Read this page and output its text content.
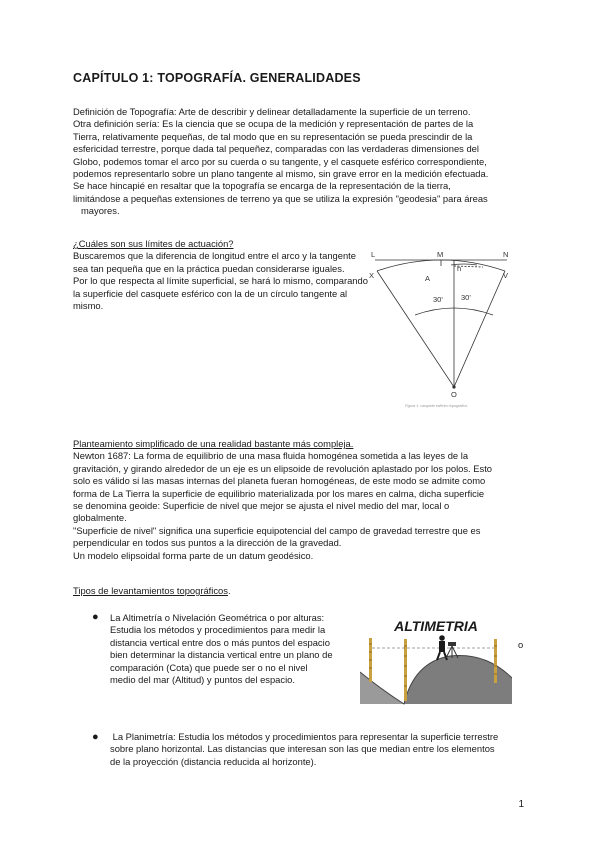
CAPÍTULO 1: TOPOGRAFÍA. GENERALIDADES
Definición de Topografía: Arte de describir y delinear detalladamente la superficie de un terreno.
Otra definición sería: Es la ciencia que se ocupa de la medición y representación de partes de la
Tierra, relativamente pequeñas, de tal modo que en su representación se pueda prescindir de la
esfericidad terrestre, porque dada tal pequeñez, comparadas con las verdaderas dimensiones del
Globo, podemos tomar el arco por su cuerda o su tangente, y el casquete esférico correspondiente,
podemos representarlo sobre un plano tangente al mismo, sin grave error en la medición efectuada.
Se hace hincapié en resaltar que la topografía se encarga de la representación de la tierra,
limitándose a pequeñas extensiones de terreno ya que se utiliza la expresión "geodesia" para áreas
mayores.
¿Cuáles son sus límites de actuación?
Buscaremos que la diferencia de longitud entre el arco y la tangente
sea tan pequeña que en la práctica puedan considerarse iguales.
Por lo que respecta al límite superficial, se hará lo mismo, comparando
la superficie del casquete esférico con la de un círculo tangente al
mismo.
L	M	N
X	A
h
V
30' 30'
O
Figura 1: casquete esférico topográfico.
Planteamiento simplificado de una realidad bastante más compleja.
Newton 1687: La forma de equilibrio de una masa fluida homogénea sometida a las leyes de la
gravitación, y girando alrededor de un eje es un elipsoide de revolución aplastado por los polos. Esto
solo es válido si las masas internas del planeta fueran homogéneas, de este modo se admite como
forma de La Tierra la superficie de equilibrio materializada por los mares en calma, dicha superficie
se denomina geoide: Superficie de nivel que mejor se ajusta el nivel medio del mar, local o
globalmente.
"Superficie de nivel" significa una superficie equipotencial del campo de gravedad terrestre que es
perpendicular en todos sus puntos a la dirección de la gravedad.
Un modelo elipsoidal forma parte de un datum geodésico.
Tipos de levantamientos topográficos.
● La Altimetría o Nivelación Geométrica o por alturas:
Estudia los métodos y procedimientos para medir la
distancia vertical entre dos o más puntos del espacio
bien determinar la distancia vertical entre un plano de
comparación (Cota) que puede ser o no el nivel
medio del mar (Altitud) y puntos del espacio.
o
ALTIMETRIA
● La Planimetría: Estudia los métodos y procedimientos para representar la superficie terrestre
sobre plano horizontal. Las distancias que interesan son las que median entre los elementos
de la proyección (distancia reducida al horizonte).
1
